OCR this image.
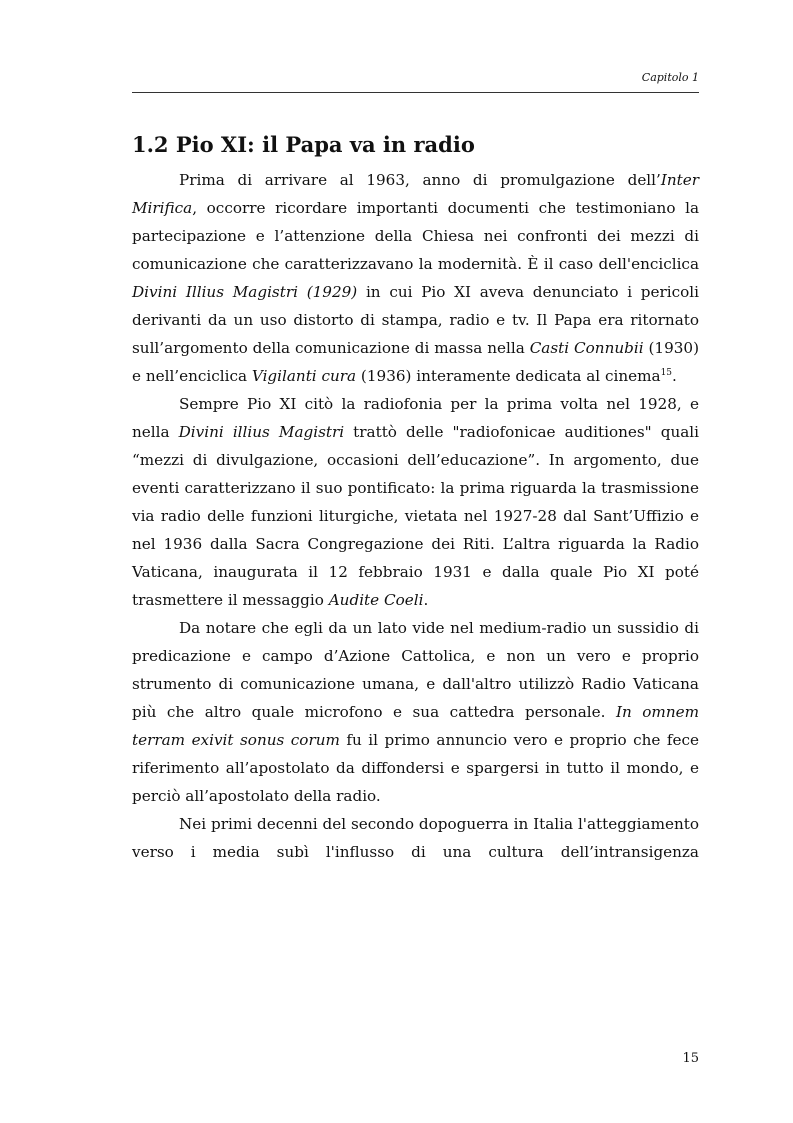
Capitolo 1
1.2 Pio XI: il Papa va in radio

Prima di arrivare al 1963, anno di promulgazione dell’Inter Mirifica, occorre ricordare importanti documenti che testimoniano la partecipazione e l’attenzione della Chiesa nei confronti dei mezzi di comunicazione che caratterizzavano la modernità. È il caso dell'enciclica Divini Illius Magistri (1929) in cui Pio XI aveva denunciato i pericoli derivanti da un uso distorto di stampa, radio e tv. Il Papa era ritornato sull’argomento della comunicazione di massa nella Casti Connubii (1930) e nell’enciclica Vigilanti cura (1936) interamente dedicata al cinema$^{15}$.

Sempre Pio XI citò la radiofonia per la prima volta nel 1928, e nella Divini illius Magistri trattò delle "radiofonicae auditiones" quali “mezzi di divulgazione, occasioni dell’educazione”. In argomento, due eventi caratterizzano il suo pontificato: la prima riguarda la trasmissione via radio delle funzioni liturgiche, vietata nel 1927-28 dal Sant’Uffizio e nel 1936 dalla Sacra Congregazione dei Riti. L’altra riguarda la Radio Vaticana, inaugurata il 12 febbraio 1931 e dalla quale Pio XI poté trasmettere il messaggio Audite Coeli.

Da notare che egli da un lato vide nel medium-radio un sussidio di predicazione e campo d’Azione Cattolica, e non un vero e proprio strumento di comunicazione umana, e dall'altro utilizzò Radio Vaticana più che altro quale microfono e sua cattedra personale. In omnem terram exivit sonus corum fu il primo annuncio vero e proprio che fece riferimento all’apostolato da diffondersi e spargersi in tutto il mondo, e perciò all’apostolato della radio.

Nei primi decenni del secondo dopoguerra in Italia l'atteggiamento verso i media subì l'influsso di una cultura dell’intransigenza

15
